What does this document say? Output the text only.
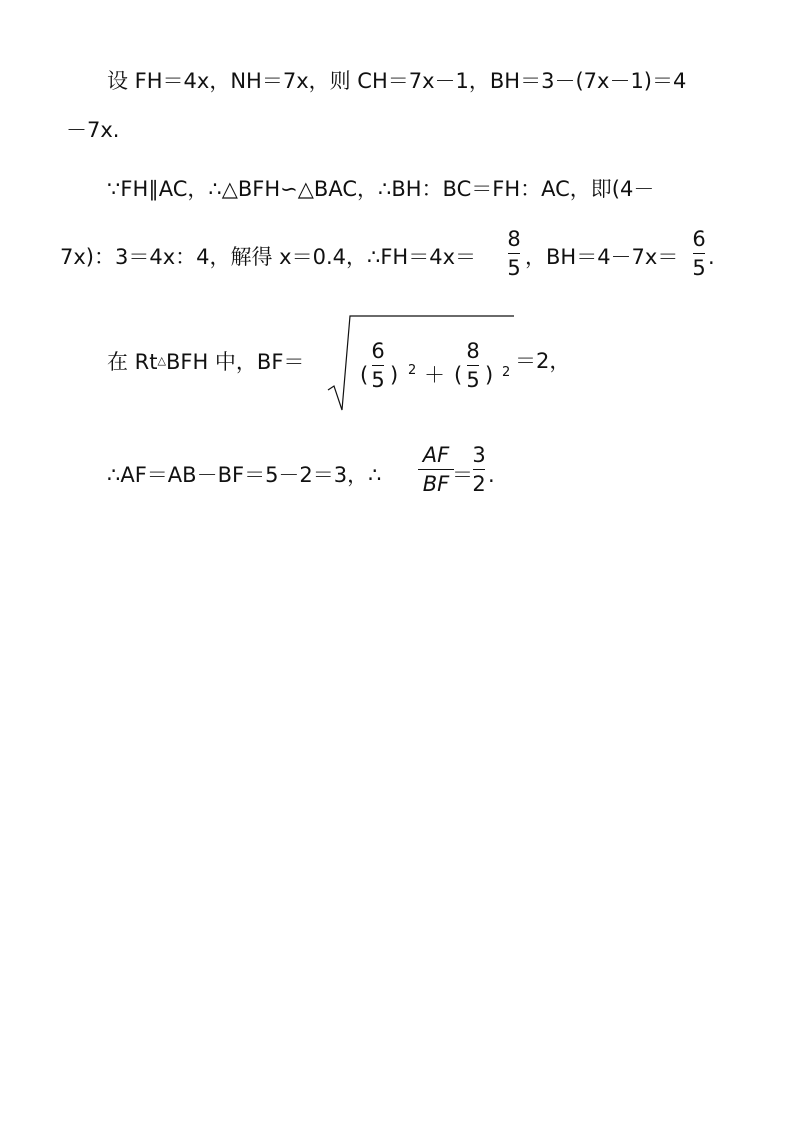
设 FH＝4x，NH＝7x，则 CH＝7x－1，BH＝3－(7x－1)＝4
－7x.
∵FH∥AC，∴△BFH∽△BAC，∴BH：BC＝FH：AC，即(4－
7x)：3＝4x：4，解得 x＝0.4，∴FH＝4x＝
8
5 ，BH＝4－7x＝
6
5 .
在 Rt△BFH 中，BF＝
(
6
5 ) 2 ＋ (
8
5 ) 2 ＝2，
∴AF＝AB－BF＝5－2＝3，∴
AF
BF ＝
3
2 .
